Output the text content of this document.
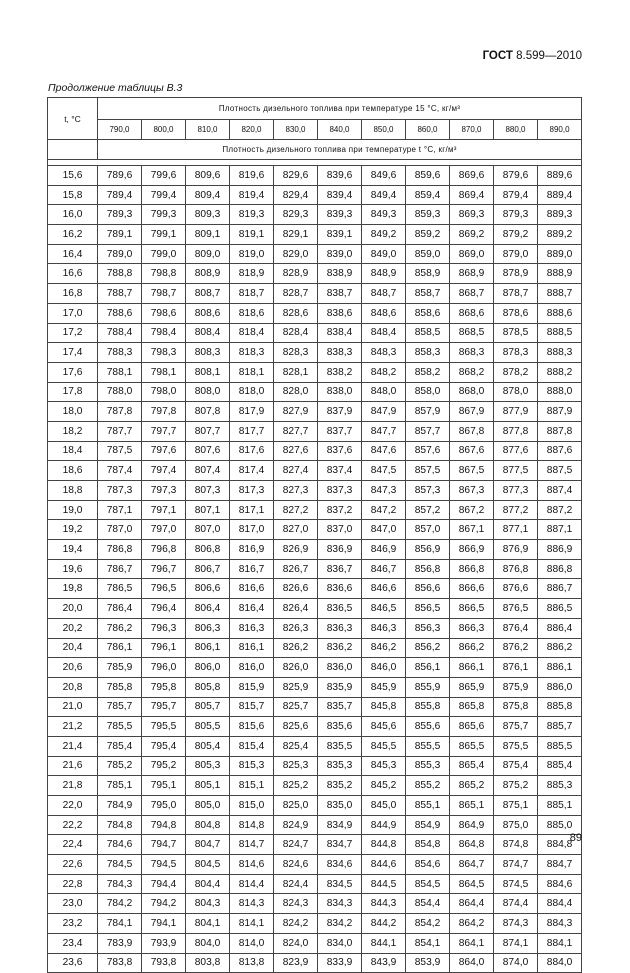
ГОСТ 8.599—2010
Продолжение таблицы В.3
t, °C	Плотность дизельного топлива при температуре 15 °С, кг/м³										
	790,0	800,0	810,0	820,0	830,0	840,0	850,0	860,0	870,0	880,0	890,0
	Плотность дизельного топлива при температуре t °С, кг/м³										

15,6	789,6	799,6	809,6	819,6	829,6	839,6	849,6	859,6	869,6	879,6	889,6
15,8	789,4	799,4	809,4	819,4	829,4	839,4	849,4	859,4	869,4	879,4	889,4
16,0	789,3	799,3	809,3	819,3	829,3	839,3	849,3	859,3	869,3	879,3	889,3
16,2	789,1	799,1	809,1	819,1	829,1	839,1	849,2	859,2	869,2	879,2	889,2
16,4	789,0	799,0	809,0	819,0	829,0	839,0	849,0	859,0	869,0	879,0	889,0
16,6	788,8	798,8	808,9	818,9	828,9	838,9	848,9	858,9	868,9	878,9	888,9
16,8	788,7	798,7	808,7	818,7	828,7	838,7	848,7	858,7	868,7	878,7	888,7
17,0	788,6	798,6	808,6	818,6	828,6	838,6	848,6	858,6	868,6	878,6	888,6
17,2	788,4	798,4	808,4	818,4	828,4	838,4	848,4	858,5	868,5	878,5	888,5
17,4	788,3	798,3	808,3	818,3	828,3	838,3	848,3	858,3	868,3	878,3	888,3
17,6	788,1	798,1	808,1	818,1	828,1	838,2	848,2	858,2	868,2	878,2	888,2
17,8	788,0	798,0	808,0	818,0	828,0	838,0	848,0	858,0	868,0	878,0	888,0
18,0	787,8	797,8	807,8	817,9	827,9	837,9	847,9	857,9	867,9	877,9	887,9
18,2	787,7	797,7	807,7	817,7	827,7	837,7	847,7	857,7	867,8	877,8	887,8
18,4	787,5	797,6	807,6	817,6	827,6	837,6	847,6	857,6	867,6	877,6	887,6
18,6	787,4	797,4	807,4	817,4	827,4	837,4	847,5	857,5	867,5	877,5	887,5
18,8	787,3	797,3	807,3	817,3	827,3	837,3	847,3	857,3	867,3	877,3	887,4
19,0	787,1	797,1	807,1	817,1	827,2	837,2	847,2	857,2	867,2	877,2	887,2
19,2	787,0	797,0	807,0	817,0	827,0	837,0	847,0	857,0	867,1	877,1	887,1
19,4	786,8	796,8	806,8	816,9	826,9	836,9	846,9	856,9	866,9	876,9	886,9
19,6	786,7	796,7	806,7	816,7	826,7	836,7	846,7	856,8	866,8	876,8	886,8
19,8	786,5	796,5	806,6	816,6	826,6	836,6	846,6	856,6	866,6	876,6	886,7
20,0	786,4	796,4	806,4	816,4	826,4	836,5	846,5	856,5	866,5	876,5	886,5
20,2	786,2	796,3	806,3	816,3	826,3	836,3	846,3	856,3	866,3	876,4	886,4
20,4	786,1	796,1	806,1	816,1	826,2	836,2	846,2	856,2	866,2	876,2	886,2
20,6	785,9	796,0	806,0	816,0	826,0	836,0	846,0	856,1	866,1	876,1	886,1
20,8	785,8	795,8	805,8	815,9	825,9	835,9	845,9	855,9	865,9	875,9	886,0
21,0	785,7	795,7	805,7	815,7	825,7	835,7	845,8	855,8	865,8	875,8	885,8
21,2	785,5	795,5	805,5	815,6	825,6	835,6	845,6	855,6	865,6	875,7	885,7
21,4	785,4	795,4	805,4	815,4	825,4	835,5	845,5	855,5	865,5	875,5	885,5
21,6	785,2	795,2	805,3	815,3	825,3	835,3	845,3	855,3	865,4	875,4	885,4
21,8	785,1	795,1	805,1	815,1	825,2	835,2	845,2	855,2	865,2	875,2	885,3
22,0	784,9	795,0	805,0	815,0	825,0	835,0	845,0	855,1	865,1	875,1	885,1
22,2	784,8	794,8	804,8	814,8	824,9	834,9	844,9	854,9	864,9	875,0	885,0
22,4	784,6	794,7	804,7	814,7	824,7	834,7	844,8	854,8	864,8	874,8	884,8
22,6	784,5	794,5	804,5	814,6	824,6	834,6	844,6	854,6	864,7	874,7	884,7
22,8	784,3	794,4	804,4	814,4	824,4	834,5	844,5	854,5	864,5	874,5	884,6
23,0	784,2	794,2	804,3	814,3	824,3	834,3	844,3	854,4	864,4	874,4	884,4
23,2	784,1	794,1	804,1	814,1	824,2	834,2	844,2	854,2	864,2	874,3	884,3
23,4	783,9	793,9	804,0	814,0	824,0	834,0	844,1	854,1	864,1	874,1	884,1
23,6	783,8	793,8	803,8	813,8	823,9	833,9	843,9	853,9	864,0	874,0	884,0
89
